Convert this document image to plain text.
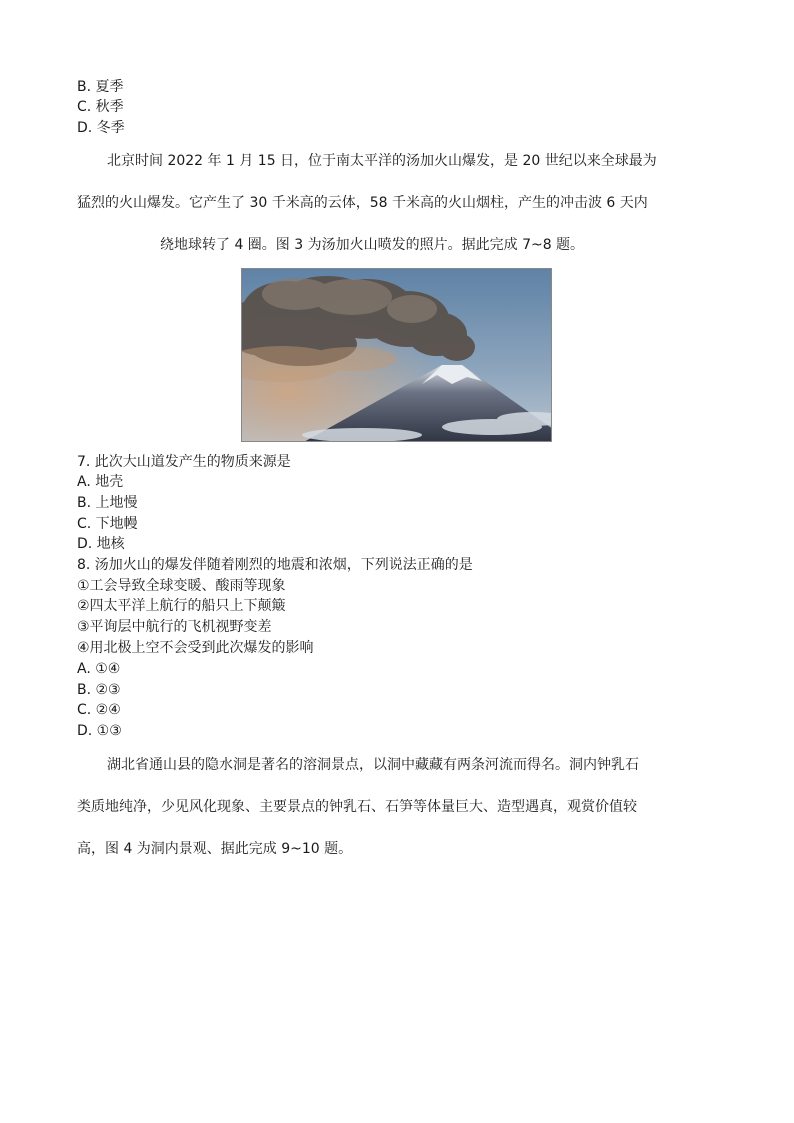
B. 夏季
C. 秋季
D. 冬季
北京时间 2022 年 1 月 15 日，位于南太平洋的汤加火山爆发，是 20 世纪以来全球最为
猛烈的火山爆发。它产生了 30 千米高的云体，58 千米高的火山烟柱，产生的冲击波 6 天内
绕地球转了 4 圈。图 3 为汤加火山喷发的照片。据此完成 7~8 题。
7. 此次大山道发产生的物质来源是
A. 地壳
B. 上地慢
C. 下地幔
D. 地核
8. 汤加火山的爆发伴随着刚烈的地震和浓烟，下列说法正确的是
①工会导致全球变暖、酸雨等现象
②四太平洋上航行的船只上下颠簸
③平询层中航行的飞机视野变差
④用北极上空不会受到此次爆发的影响
A. ①④
B. ②③
C. ②④
D. ①③
湖北省通山县的隐水洞是著名的溶洞景点，以洞中藏藏有两条河流而得名。洞内钟乳石
类质地纯净，少见风化现象、主要景点的钟乳石、石笋等体量巨大、造型遇真，观赏价值较
高，图 4 为洞内景观、据此完成 9~10 题。
